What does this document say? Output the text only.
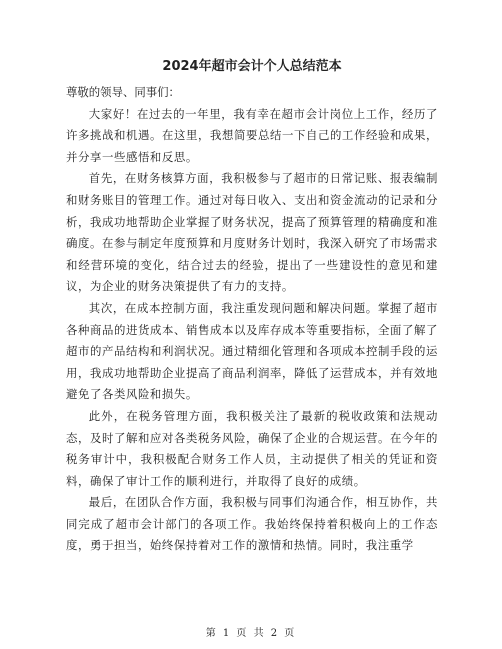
2024年超市会计个人总结范本

尊敬的领导、同事们：

大家好！在过去的一年里，我有幸在超市会计岗位上工作，经历了许多挑战和机遇。在这里，我想简要总结一下自己的工作经验和成果，并分享一些感悟和反思。

首先，在财务核算方面，我积极参与了超市的日常记账、报表编制和财务账目的管理工作。通过对每日收入、支出和资金流动的记录和分析，我成功地帮助企业掌握了财务状况，提高了预算管理的精确度和准确度。在参与制定年度预算和月度财务计划时，我深入研究了市场需求和经营环境的变化，结合过去的经验，提出了一些建设性的意见和建议，为企业的财务决策提供了有力的支持。

其次，在成本控制方面，我注重发现问题和解决问题。掌握了超市各种商品的进货成本、销售成本以及库存成本等重要指标，全面了解了超市的产品结构和利润状况。通过精细化管理和各项成本控制手段的运用，我成功地帮助企业提高了商品利润率，降低了运营成本，并有效地避免了各类风险和损失。

此外，在税务管理方面，我积极关注了最新的税收政策和法规动态，及时了解和应对各类税务风险，确保了企业的合规运营。在今年的税务审计中，我积极配合财务工作人员，主动提供了相关的凭证和资料，确保了审计工作的顺利进行，并取得了良好的成绩。

最后，在团队合作方面，我积极与同事们沟通合作，相互协作，共同完成了超市会计部门的各项工作。我始终保持着积极向上的工作态度，勇于担当，始终保持着对工作的激情和热情。同时，我注重学

第 1 页 共 2 页
